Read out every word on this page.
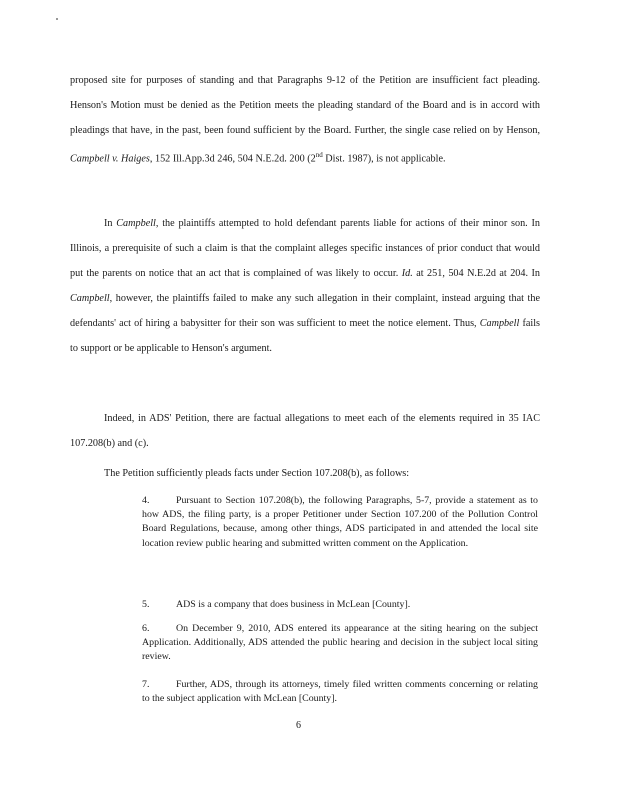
proposed site for purposes of standing and that Paragraphs 9-12 of the Petition are insufficient fact pleading. Henson's Motion must be denied as the Petition meets the pleading standard of the Board and is in accord with pleadings that have, in the past, been found sufficient by the Board. Further, the single case relied on by Henson, Campbell v. Haiges, 152 Ill.App.3d 246, 504 N.E.2d. 200 (2nd Dist. 1987), is not applicable.

In Campbell, the plaintiffs attempted to hold defendant parents liable for actions of their minor son. In Illinois, a prerequisite of such a claim is that the complaint alleges specific instances of prior conduct that would put the parents on notice that an act that is complained of was likely to occur. Id. at 251, 504 N.E.2d at 204. In Campbell, however, the plaintiffs failed to make any such allegation in their complaint, instead arguing that the defendants' act of hiring a babysitter for their son was sufficient to meet the notice element. Thus, Campbell fails to support or be applicable to Henson's argument.

Indeed, in ADS' Petition, there are factual allegations to meet each of the elements required in 35 IAC 107.208(b) and (c).

The Petition sufficiently pleads facts under Section 107.208(b), as follows:
4.	Pursuant to Section 107.208(b), the following Paragraphs, 5-7, provide a statement as to how ADS, the filing party, is a proper Petitioner under Section 107.200 of the Pollution Control Board Regulations, because, among other things, ADS participated in and attended the local site location review public hearing and submitted written comment on the Application.
5.	ADS is a company that does business in McLean [County].
6.	On December 9, 2010, ADS entered its appearance at the siting hearing on the subject Application. Additionally, ADS attended the public hearing and decision in the subject local siting review.
7.	Further, ADS, through its attorneys, timely filed written comments concerning or relating to the subject application with McLean [County].
6
